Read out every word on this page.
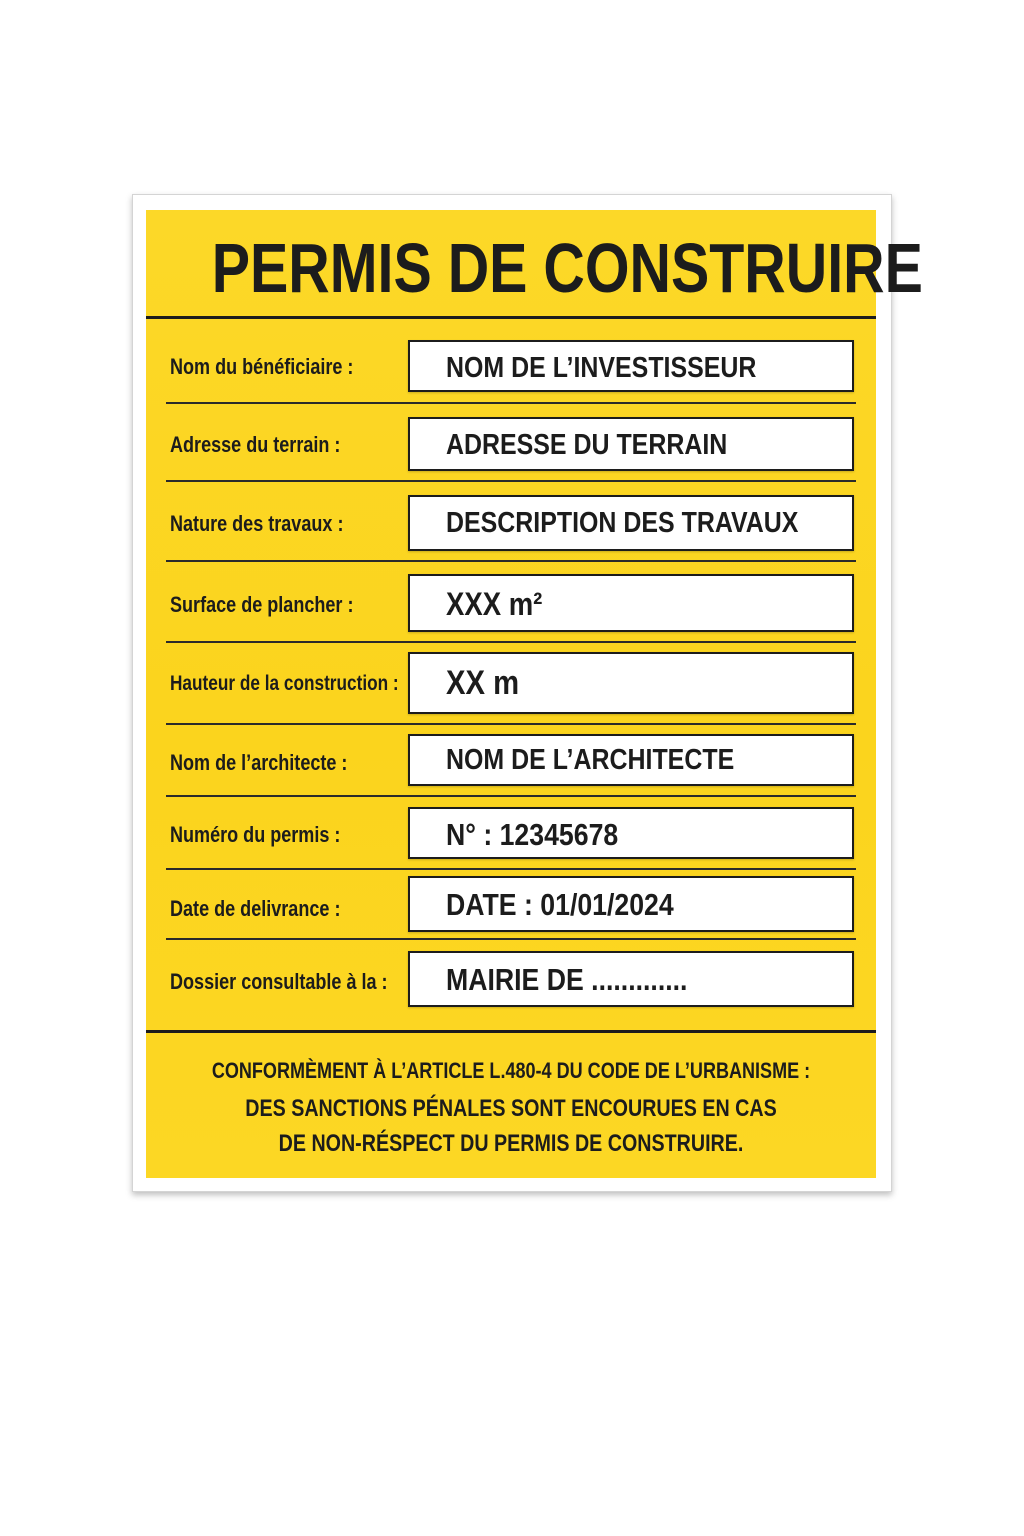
PERMIS DE CONSTRUIRE
Nom du bénéficiaire :	NOM DE L’INVESTISSEUR
Adresse du terrain :	ADRESSE DU TERRAIN
Nature des travaux :	DESCRIPTION DES TRAVAUX
Surface de plancher :	XXX m²
Hauteur de la construction : XX m
Nom de l’architecte :	NOM DE L’ARCHITECTE
Numéro du permis :	N° : 12345678
Date de delivrance :	DATE : 01/01/2024
Dossier consultable à la : MAIRIE DE .............
CONFORMÈMENT À L’ARTICLE L.480-4 DU CODE DE L’URBANISME :
DES SANCTIONS PÉNALES SONT ENCOURUES EN CAS
DE NON-RÉSPECT DU PERMIS DE CONSTRUIRE.
